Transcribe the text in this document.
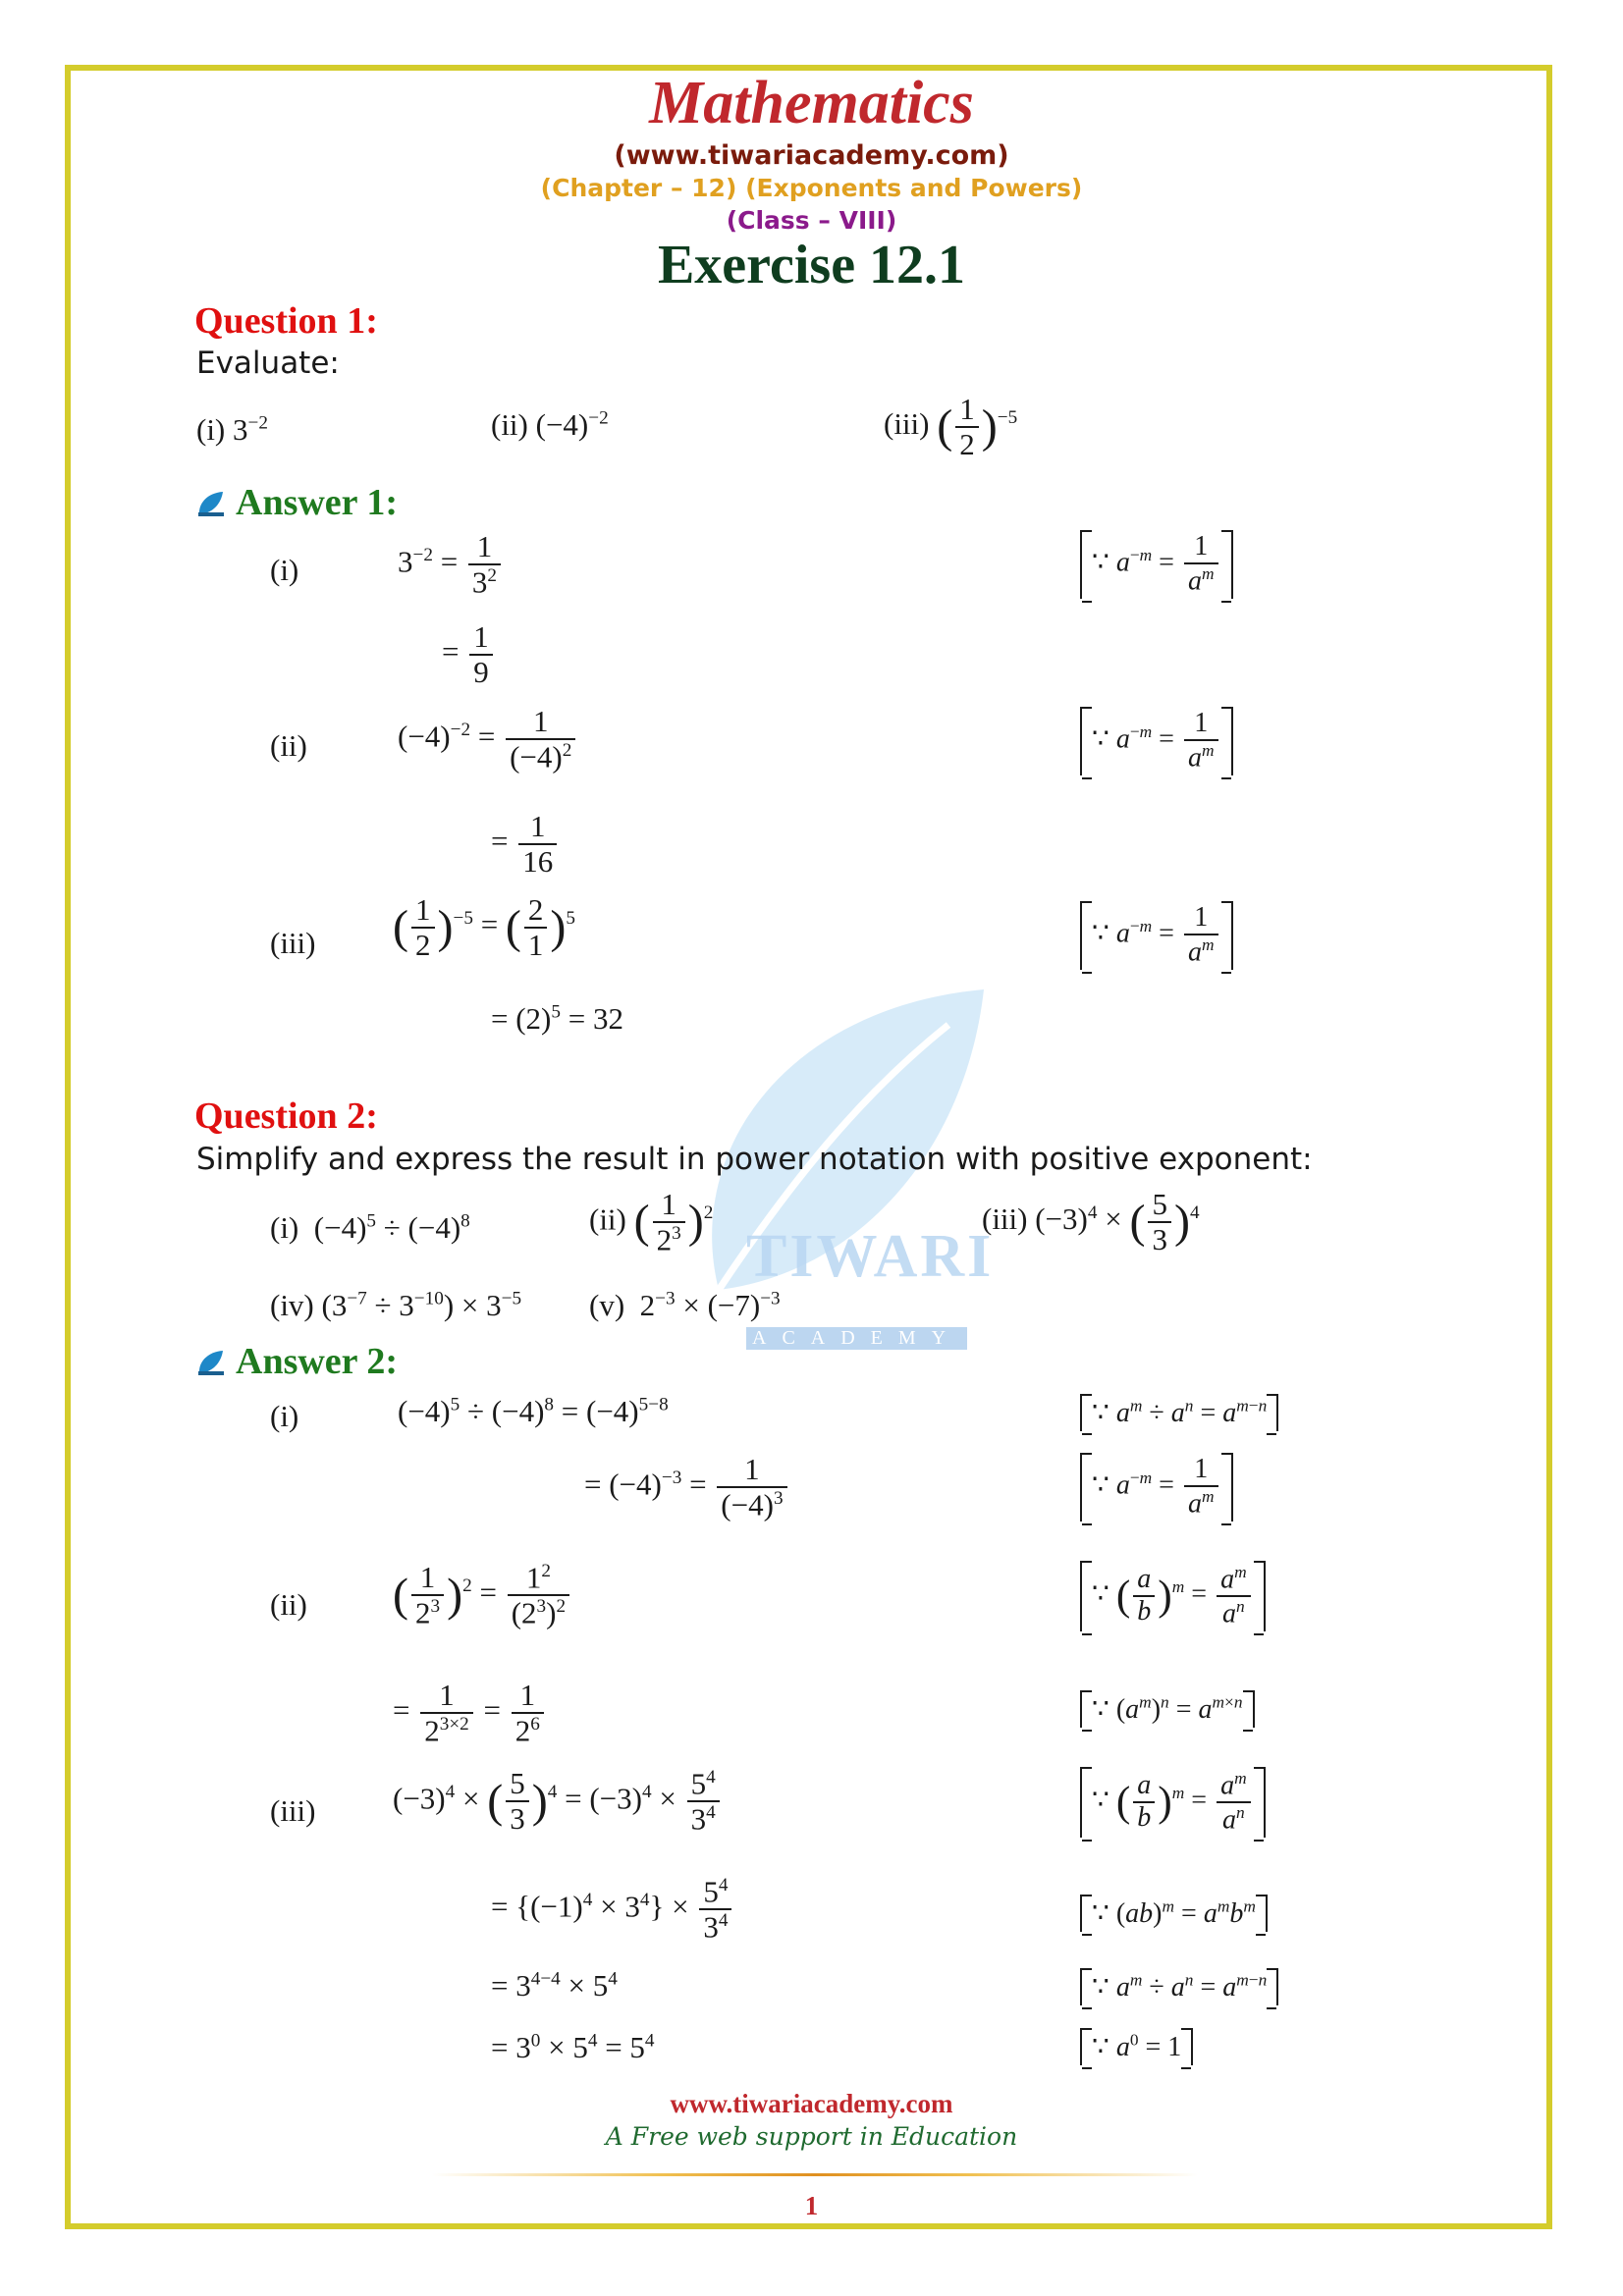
Mathematics
(www.tiwariacademy.com)
(Chapter – 12) (Exponents and Powers)
(Class – VIII)
Exercise 12.1
TIWARI
ACADEMY
Question 1:
Evaluate:
(i) $3^{-2}$	(ii) $(-4)^{-2}$	(iii) ( $\frac{1}{2} )^{-5}$
Answer 1:
(i)	$3^{-2} = \frac{1}{3^2}$
= $\frac{1}{9}$
∵ $a^{-m} = \frac{1}{a^m}$
(ii)	$(-4)^{-2} = \frac{1}{(-4)^2}$
= $\frac{1}{16}$
∵ $a^{-m} = \frac{1}{a^m}$
(iii) ( $\frac{1}{2} )^{-5}$ = ( $\frac{2}{1} )^5$
= $(2)^5 = 32$
∵ $a^{-m} = \frac{1}{a^m}$
Question 2:
Simplify and express the result in power notation with positive exponent:
(i)  $(-4)^5 \div (-4)^8$	(ii) ( $\frac{1}{2^3} )^2$	(iii) $(-3)^4$ × ( $\frac{5}{3} )^4$
(iv) $(3^{-7} \div 3^{-10}) \times 3^{-5}$ (v)  $2^{-3} \times (-7)^{-3}$
Answer 2:
(i)	$(-4)^5 \div (-4)^8 = (-4)^{5-8}$
= $(-4)^{-3} = \frac{1}{(-4)^3}$
∵ $a^m \div a^n = a^{m-n}$
∵ $a^{-m} = \frac{1}{a^m}$
(ii) ( $\frac{1}{2^3} )^2 = \frac{1^2}{(2^3)^2}$
= $\frac{1}{2^{3\times 2}} = \frac{1}{2^6}$
∵ ( $\frac{a}{b} )^m = \frac{a^m}{a^n}$
∵ $(a^m)^n = a^{m\times n}$
(iii)	$(-3)^4$ × ( $\frac{5}{3} )^4 = (-3)^4 \times \frac{5^4}{3^4}$
= $\{(-1)^4 \times 3^4\} \times \frac{5^4}{3^4}$
= $3^{4-4} \times 5^4$
= $3^0 \times 5^4 = 5^4$
∵ ( $\frac{a}{b} )^m = \frac{a^m}{a^n}$
∵ $(ab)^m = a^mb^m$
∵ $a^m \div a^n = a^{m-n}$
∵ $a^0 = 1$
www.tiwariacademy.com
A Free web support in Education
1
